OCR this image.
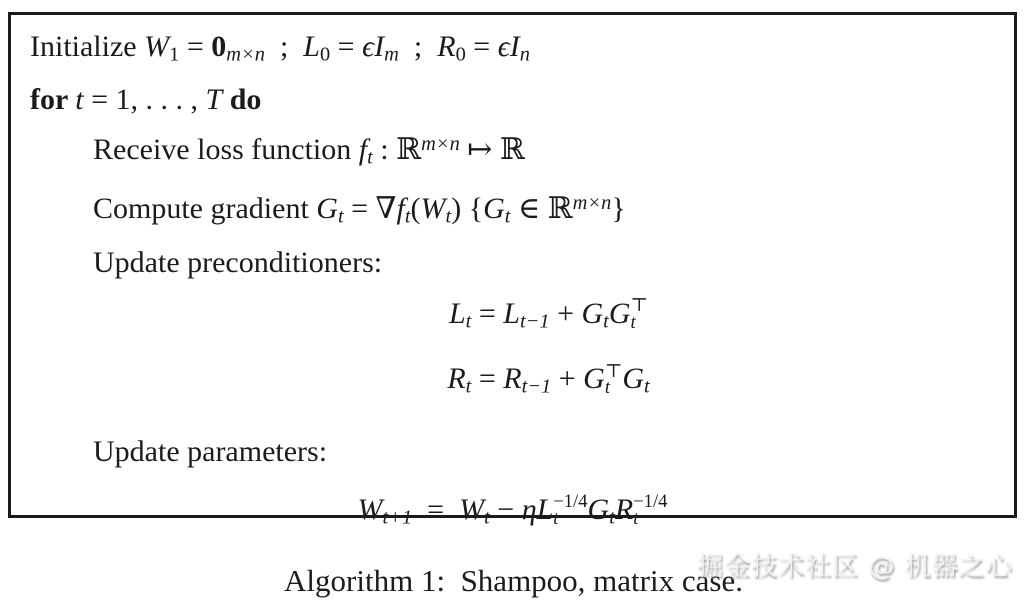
Initialize $W_1 = 0m\times n$ ; $L_0 = \epsilon Im$ ; $R_0 = \epsilon In$
for t = 1, . . . , T do
Receive loss function ft : ℝ$^{m\times n}$ ↦ ℝ
Compute gradient Gt = ∇ft(Wt) {Gt ∈ ℝ$^{m\times n}$}
Update preconditioners:
Lt = Lt−1 + GtG ⊤
t
Rt = Rt−1 + G ⊤
t Gt
Update parameters:
Wt+1 = Wt − ηL −1/4
t GtR −1/4
t
Algorithm 1: Shampoo, matrix case.
掘金技术社区 @ 机器之心
